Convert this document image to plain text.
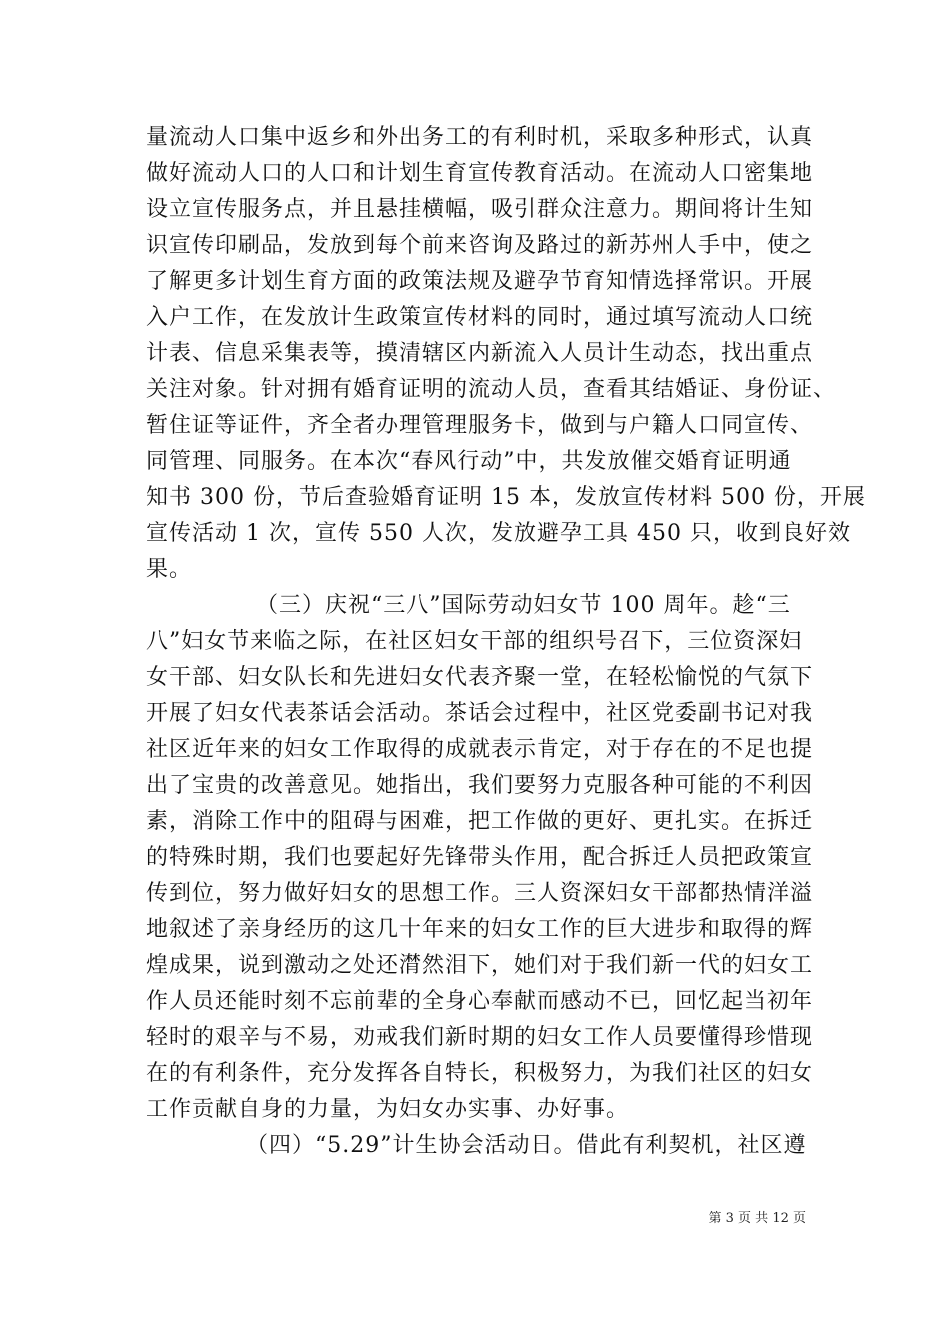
量流动人口集中返乡和外出务工的有利时机，采取多种形式，认真
做好流动人口的人口和计划生育宣传教育活动。在流动人口密集地
设立宣传服务点，并且悬挂横幅，吸引群众注意力。期间将计生知
识宣传印刷品，发放到每个前来咨询及路过的新苏州人手中，使之
了解更多计划生育方面的政策法规及避孕节育知情选择常识。开展
入户工作，在发放计生政策宣传材料的同时，通过填写流动人口统
计表、信息采集表等，摸清辖区内新流入人员计生动态，找出重点
关注对象。针对拥有婚育证明的流动人员，查看其结婚证、身份证、
暂住证等证件，齐全者办理管理服务卡，做到与户籍人口同宣传、
同管理、同服务。在本次“春风行动”中，共发放催交婚育证明通
知书 300 份，节后查验婚育证明 15 本，发放宣传材料 500 份，开展
宣传活动 1 次，宣传 550 人次，发放避孕工具 450 只，收到良好效
果。
（三）庆祝“三八”国际劳动妇女节 100 周年。趁“三
八”妇女节来临之际，在社区妇女干部的组织号召下，三位资深妇
女干部、妇女队长和先进妇女代表齐聚一堂，在轻松愉悦的气氛下
开展了妇女代表茶话会活动。茶话会过程中，社区党委副书记对我
社区近年来的妇女工作取得的成就表示肯定，对于存在的不足也提
出了宝贵的改善意见。她指出，我们要努力克服各种可能的不利因
素，消除工作中的阻碍与困难，把工作做的更好、更扎实。在拆迁
的特殊时期，我们也要起好先锋带头作用，配合拆迁人员把政策宣
传到位，努力做好妇女的思想工作。三人资深妇女干部都热情洋溢
地叙述了亲身经历的这几十年来的妇女工作的巨大进步和取得的辉
煌成果，说到激动之处还潸然泪下，她们对于我们新一代的妇女工
作人员还能时刻不忘前辈的全身心奉献而感动不已，回忆起当初年
轻时的艰辛与不易，劝戒我们新时期的妇女工作人员要懂得珍惜现
在的有利条件，充分发挥各自特长，积极努力，为我们社区的妇女
工作贡献自身的力量，为妇女办实事、办好事。
（四）“5.29”计生协会活动日。借此有利契机，社区遵
第 3 页 共 12 页
